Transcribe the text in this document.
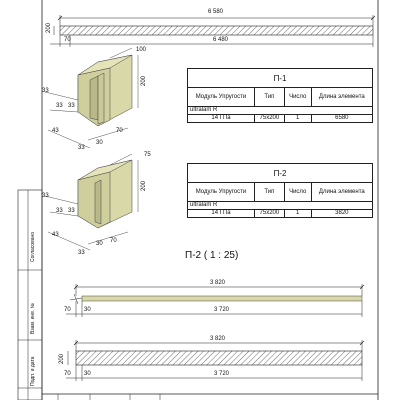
6 580
6 480
200
70
100
200
33
33 33
43
30
70
33
75
200
33
33 33
43
30 70
33
П-1			
Модуль Упругости	Тип	Число	Длина элемента
ultralam R			
14 ГПа	75x200	1	6580
П-2			
Модуль Упругости	Тип	Число	Длина элемента
ultralam R			
14 ГПа	75x200	1	3820
П-2 ( 1 : 25)
3 820
3 720
70 30
3 820
3 720
200
70 30
Согласовано
Взам. инв. №
Подп. и дата
